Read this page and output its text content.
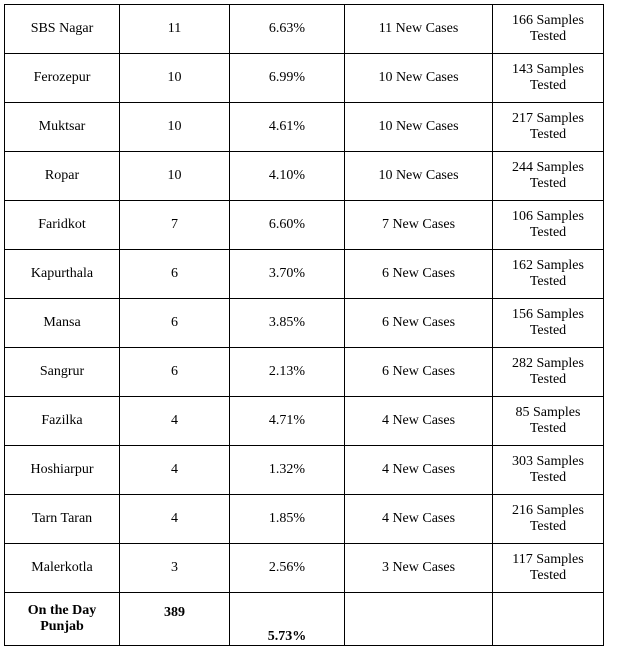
SBS Nagar	11	6.63%	11 New Cases	166 Samples
Tested

Ferozepur	10	6.99%	10 New Cases	143 Samples
Tested

Muktsar	10	4.61%	10 New Cases	217 Samples
Tested

Ropar	10	4.10%	10 New Cases	244 Samples
Tested

Faridkot	7	6.60%	7 New Cases	106 Samples
Tested

Kapurthala	6	3.70%	6 New Cases	162 Samples
Tested

Mansa	6	3.85%	6 New Cases	156 Samples
Tested

Sangrur	6	2.13%	6 New Cases	282 Samples
Tested

Fazilka	4	4.71%	4 New Cases	85 Samples
Tested

Hoshiarpur	4	1.32%	4 New Cases	303 Samples
Tested

Tarn Taran	4	1.85%	4 New Cases	216 Samples
Tested

Malerkotla	3	2.56%	3 New Cases	117 Samples
Tested

On the Day
Punjab	389	5.73%		
